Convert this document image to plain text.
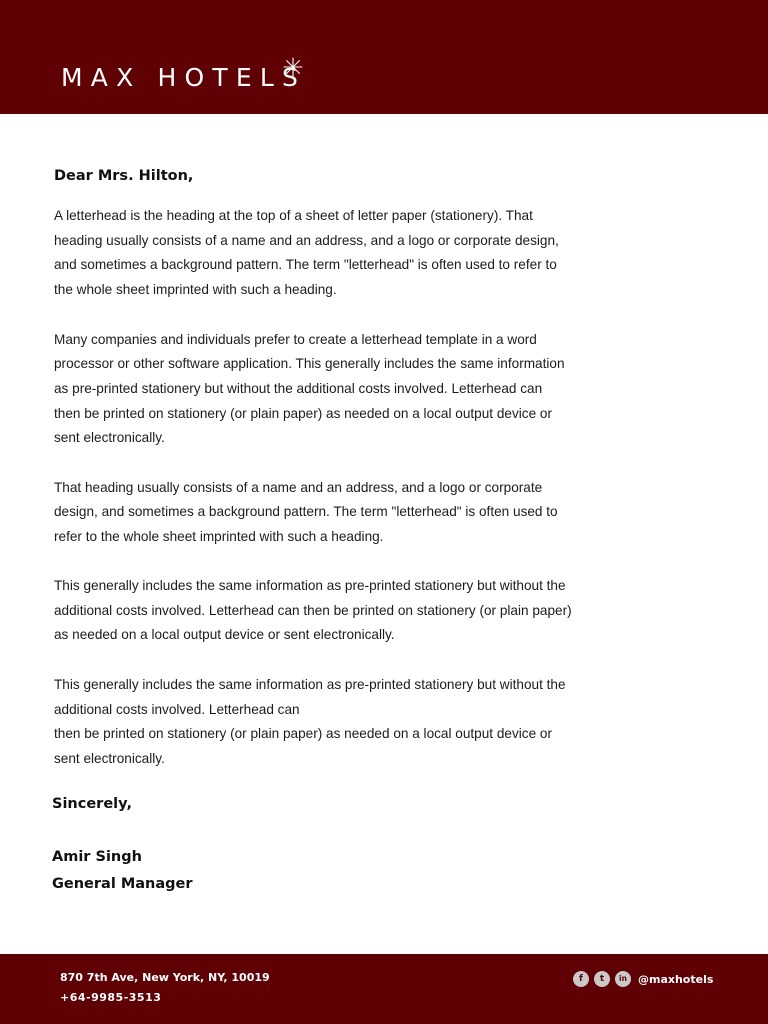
MAX HOTELS
Dear Mrs. Hilton,
A letterhead is the heading at the top of a sheet of letter paper (stationery). That
heading usually consists of a name and an address, and a logo or corporate design,
and sometimes a background pattern. The term "letterhead" is often used to refer to
the whole sheet imprinted with such a heading.
Many companies and individuals prefer to create a letterhead template in a word
processor or other software application. This generally includes the same information
as pre-printed stationery but without the additional costs involved. Letterhead can
then be printed on stationery (or plain paper) as needed on a local output device or
sent electronically.
That heading usually consists of a name and an address, and a logo or corporate
design, and sometimes a background pattern. The term "letterhead" is often used to
refer to the whole sheet imprinted with such a heading.
This generally includes the same information as pre-printed stationery but without the
additional costs involved. Letterhead can then be printed on stationery (or plain paper)
as needed on a local output device or sent electronically.
This generally includes the same information as pre-printed stationery but without the
additional costs involved. Letterhead can
then be printed on stationery (or plain paper) as needed on a local output device or
sent electronically.
Sincerely,
Amir Singh
General Manager
870 7th Ave, New York, NY, 10019
+64-9985-3513
f	t	in	@maxhotels
